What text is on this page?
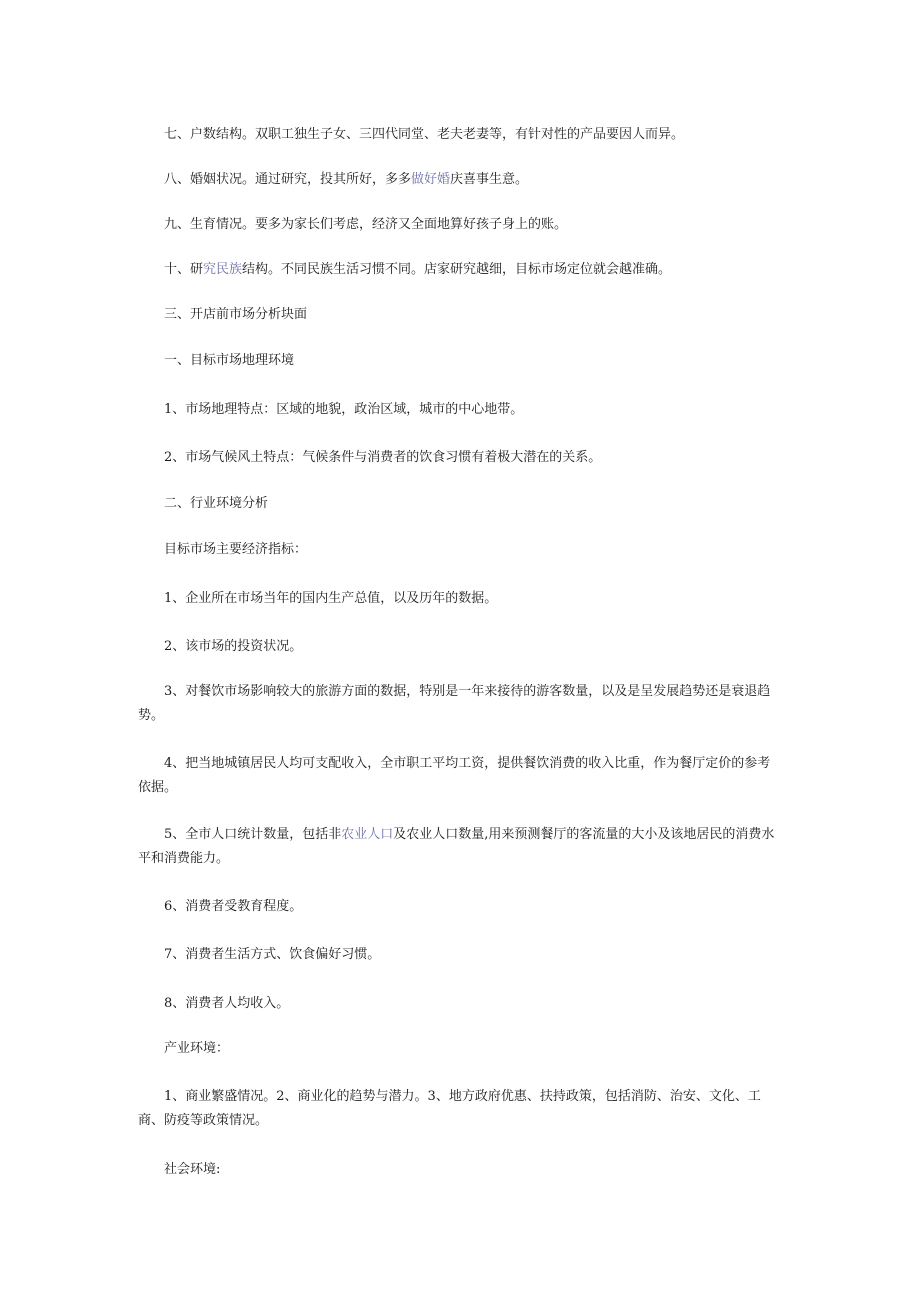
七、户数结构。双职工独生子女、三四代同堂、老夫老妻等，有针对性的产品要因人而异。

八、婚姻状况。通过研究，投其所好，多多做好婚庆喜事生意。

九、生育情况。要多为家长们考虑，经济又全面地算好孩子身上的账。

十、研究民族结构。不同民族生活习惯不同。店家研究越细，目标市场定位就会越准确。

三、开店前市场分析块面

一、目标市场地理环境

1、市场地理特点：区域的地貌，政治区域，城市的中心地带。

2、市场气候风土特点：气候条件与消费者的饮食习惯有着极大潜在的关系。

二、行业环境分析

目标市场主要经济指标：

1、企业所在市场当年的国内生产总值，以及历年的数据。

2、该市场的投资状况。

3、对餐饮市场影响较大的旅游方面的数据，特别是一年来接待的游客数量，以及是呈发展趋势还是衰退趋势。

4、把当地城镇居民人均可支配收入，全市职工平均工资，提供餐饮消费的收入比重，作为餐厅定价的参考依据。

5、全市人口统计数量，包括非农业人口及农业人口数量,用来预测餐厅的客流量的大小及该地居民的消费水平和消费能力。

6、消费者受教育程度。

7、消费者生活方式、饮食偏好习惯。

8、消费者人均收入。

产业环境：

1、商业繁盛情况。2、商业化的趋势与潜力。3、地方政府优惠、扶持政策，包括消防、治安、文化、工商、防疫等政策情况。

社会环境:
